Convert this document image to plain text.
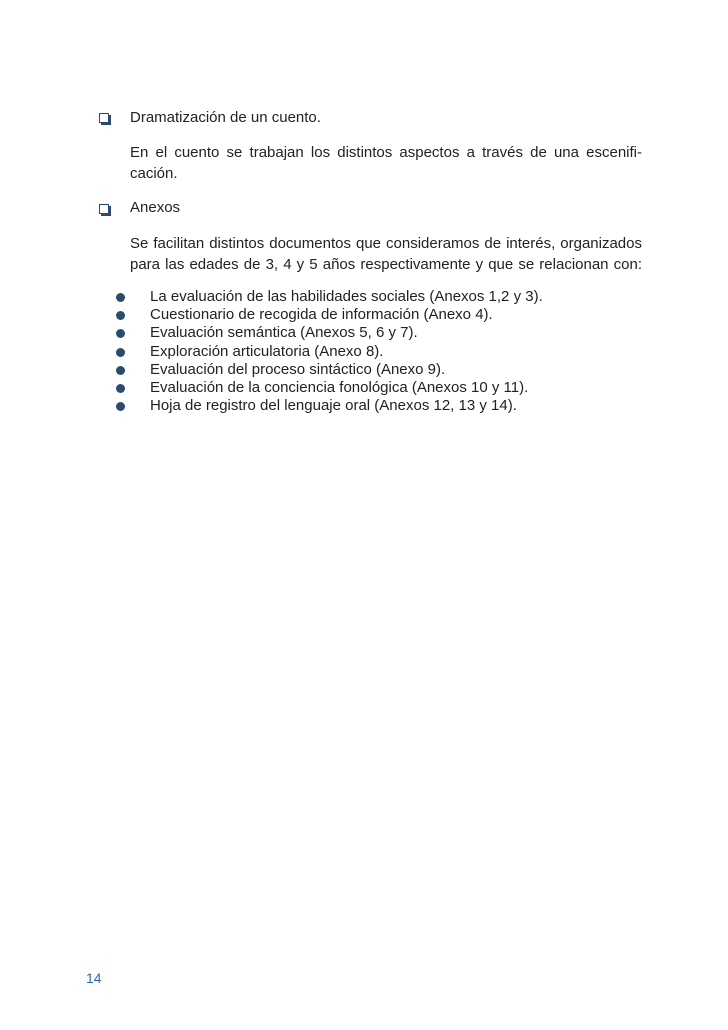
Dramatización de un cuento.
En el cuento se trabajan los distintos aspectos a través de una escenifi-
cación.
Anexos
Se facilitan distintos documentos que consideramos de interés, organizados
para las edades de 3, 4 y 5 años respectivamente y que se relacionan con:
La evaluación de las habilidades sociales (Anexos 1,2 y 3).
Cuestionario de recogida de información (Anexo 4).
Evaluación semántica (Anexos 5, 6 y 7).
Exploración articulatoria (Anexo 8).
Evaluación del proceso sintáctico (Anexo 9).
Evaluación de la conciencia fonológica (Anexos 10 y 11).
Hoja de registro del lenguaje oral (Anexos 12, 13 y 14).
14
